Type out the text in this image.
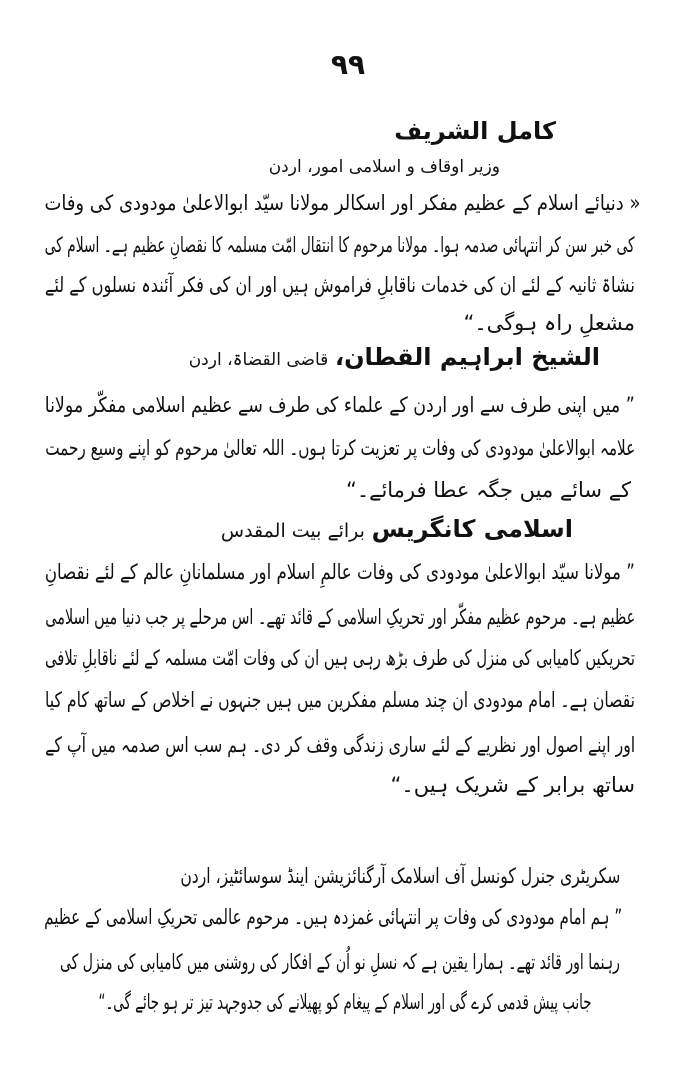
۹۹
کامل الشریف
وزیر اوقاف و اسلامی امور، اردن
« دنیائے اسلام کے عظیم مفکر اور اسکالر مولانا سیّد ابوالاعلیٰ مودودی کی وفات
کی خبر سن کر انتہائی صدمہ ہوا۔ مولانا مرحوم کا انتقال امّت مسلمہ کا نقصانِ عظیم ہے۔ اسلام کی
نشاۃ ثانیہ کے لئے ان کی خدمات ناقابلِ فراموش ہیں اور ان کی فکر آئندہ نسلوں کے لئے
مشعلِ راہ ہوگی۔“
الشیخ ابراہیم القطان، قاضی القضاۃ، اردن
” میں اپنی طرف سے اور اردن کے علماء کی طرف سے عظیم اسلامی مفکّر مولانا
علامہ ابوالاعلیٰ مودودی کی وفات پر تعزیت کرتا ہوں۔ اللہ تعالیٰ مرحوم کو اپنے وسیع رحمت
کے سائے میں جگہ عطا فرمائے۔“
اسلامی کانگریس برائے بیت المقدس
” مولانا سیّد ابوالاعلیٰ مودودی کی وفات عالمِ اسلام اور مسلمانانِ عالم کے لئے نقصانِ
عظیم ہے۔ مرحوم عظیم مفکّر اور تحریکِ اسلامی کے قائد تھے۔ اس مرحلے پر جب دنیا میں اسلامی
تحریکیں کامیابی کی منزل کی طرف بڑھ رہی ہیں ان کی وفات امّت مسلمہ کے لئے ناقابلِ تلافی
نقصان ہے۔ امام مودودی ان چند مسلم مفکرین میں ہیں جنہوں نے اخلاص کے ساتھ کام کیا
اور اپنے اصول اور نظریے کے لئے ساری زندگی وقف کر دی۔ ہم سب اس صدمہ میں آپ کے
ساتھ برابر کے شریک ہیں۔“
سکریٹری جنرل کونسل آف اسلامک آرگنائزیشن اینڈ سوسائٹیز، اردن
” ہم امام مودودی کی وفات پر انتہائی غمزدہ ہیں۔ مرحوم عالمی تحریکِ اسلامی کے عظیم
رہنما اور قائد تھے۔ ہمارا یقین ہے کہ نسلِ نو اُن کے افکار کی روشنی میں کامیابی کی منزل کی
جانب پیش قدمی کرے گی اور اسلام کے پیغام کو پھیلانے کی جدوجہد تیز تر ہو جائے گی۔“
